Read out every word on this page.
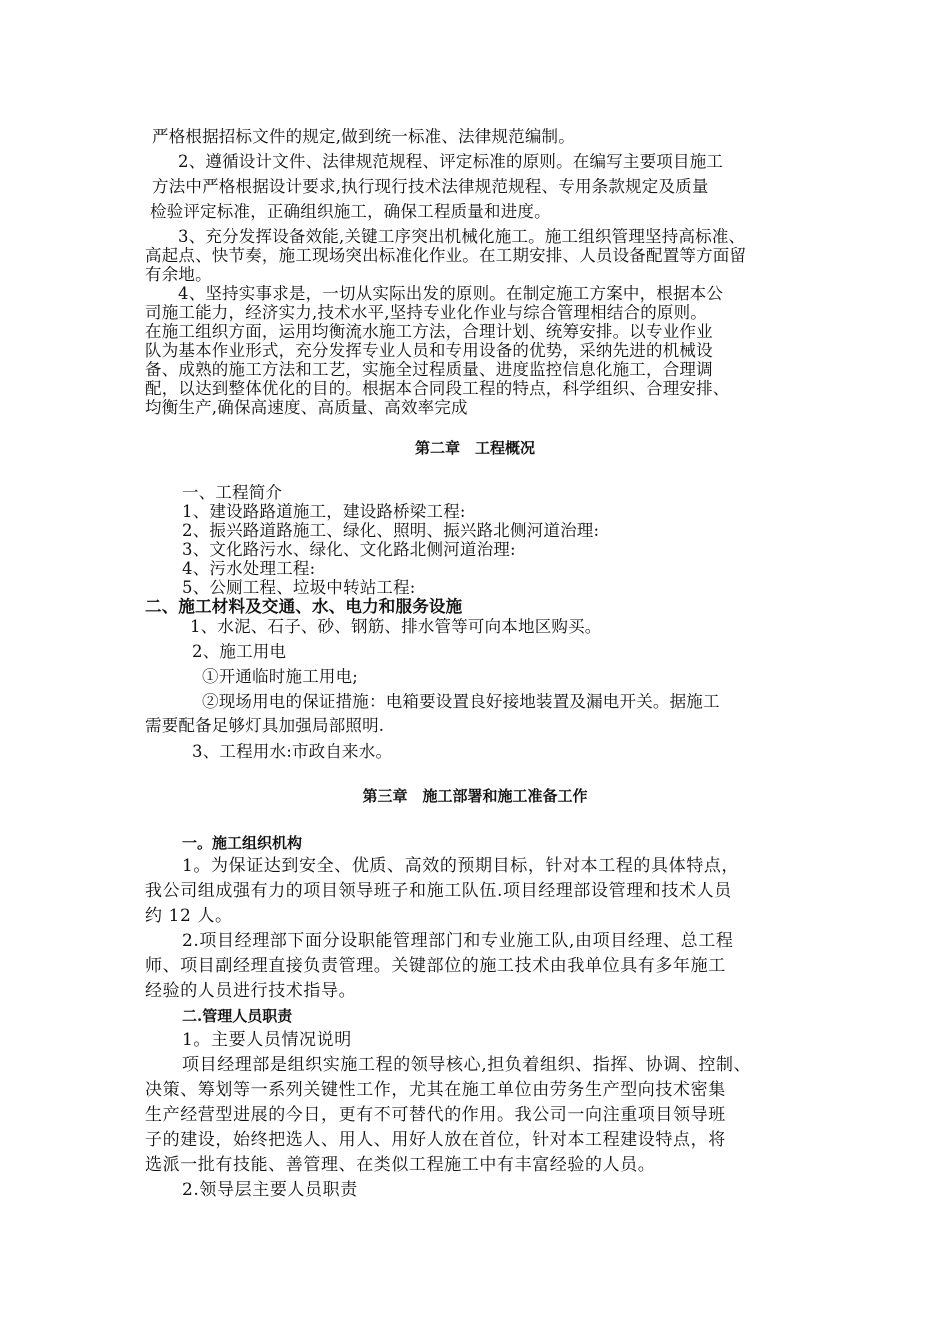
严格根据招标文件的规定,做到统一标准、法律规范编制。
2、遵循设计文件、法律规范规程、评定标准的原则。在编写主要项目施工
方法中严格根据设计要求,执行现行技术法律规范规程、专用条款规定及质量
检验评定标准，正确组织施工，确保工程质量和进度。
3、充分发挥设备效能,关键工序突出机械化施工。施工组织管理坚持高标准、
高起点、快节奏，施工现场突出标准化作业。在工期安排、人员设备配置等方面留
有余地。
4、坚持实事求是，一切从实际出发的原则。在制定施工方案中，根据本公
司施工能力，经济实力,技术水平,坚持专业化作业与综合管理相结合的原则。
在施工组织方面，运用均衡流水施工方法，合理计划、统筹安排。以专业作业
队为基本作业形式，充分发挥专业人员和专用设备的优势，采纳先进的机械设
备、成熟的施工方法和工艺，实施全过程质量、进度监控信息化施工，合理调
配，以达到整体优化的目的。根据本合同段工程的特点，科学组织、合理安排、
均衡生产,确保高速度、高质量、高效率完成
第二章　工程概况
一、工程简介
1、建设路路道施工，建设路桥梁工程:
2、振兴路道路施工、绿化、照明、振兴路北侧河道治理:
3、文化路污水、绿化、文化路北侧河道治理:
4、污水处理工程:
5、公厕工程、垃圾中转站工程:
二、施工材料及交通、水、电力和服务设施
1、水泥、石子、砂、钢筋、排水管等可向本地区购买。
2、施工用电
①开通临时施工用电;
②现场用电的保证措施：电箱要设置良好接地装置及漏电开关。据施工
需要配备足够灯具加强局部照明.
3、工程用水:市政自来水。
第三章　施工部署和施工准备工作
一。施工组织机构
1。为保证达到安全、优质、高效的预期目标，针对本工程的具体特点，
我公司组成强有力的项目领导班子和施工队伍.项目经理部设管理和技术人员
约 12 人。
2.项目经理部下面分设职能管理部门和专业施工队,由项目经理、总工程
师、项目副经理直接负责管理。关键部位的施工技术由我单位具有多年施工
经验的人员进行技术指导。
二.管理人员职责
1。主要人员情况说明
项目经理部是组织实施工程的领导核心,担负着组织、指挥、协调、控制、
决策、筹划等一系列关键性工作，尤其在施工单位由劳务生产型向技术密集
生产经营型进展的今日，更有不可替代的作用。我公司一向注重项目领导班
子的建设，始终把选人、用人、用好人放在首位，针对本工程建设特点，将
选派一批有技能、善管理、在类似工程施工中有丰富经验的人员。
2.领导层主要人员职责
